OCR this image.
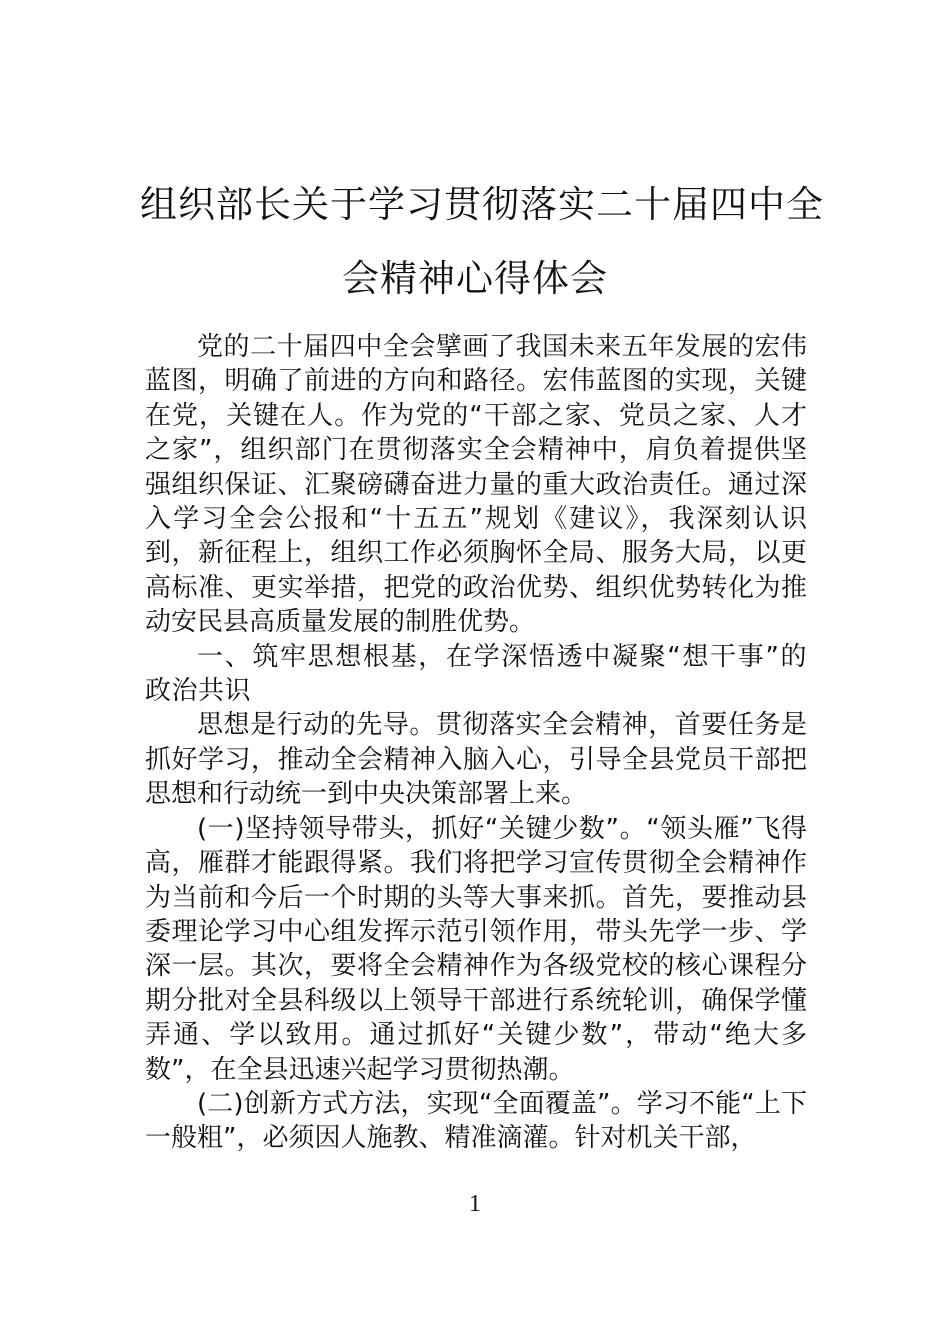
组织部长关于学习贯彻落实二十届四中全
会精神心得体会

党的二十届四中全会擘画了我国未来五年发展的宏伟蓝图，明确了前进的方向和路径。宏伟蓝图的实现，关键在党，关键在人。作为党的“干部之家、党员之家、人才之家”，组织部门在贯彻落实全会精神中，肩负着提供坚强组织保证、汇聚磅礴奋进力量的重大政治责任。通过深入学习全会公报和“十五五”规划《建议》，我深刻认识到，新征程上，组织工作必须胸怀全局、服务大局，以更高标准、更实举措，把党的政治优势、组织优势转化为推动安民县高质量发展的制胜优势。

一、筑牢思想根基，在学深悟透中凝聚“想干事”的政治共识

思想是行动的先导。贯彻落实全会精神，首要任务是抓好学习，推动全会精神入脑入心，引导全县党员干部把思想和行动统一到中央决策部署上来。

(一)坚持领导带头，抓好“关键少数”。“领头雁”飞得高，雁群才能跟得紧。我们将把学习宣传贯彻全会精神作为当前和今后一个时期的头等大事来抓。首先，要推动县委理论学习中心组发挥示范引领作用，带头先学一步、学深一层。其次，要将全会精神作为各级党校的核心课程分期分批对全县科级以上领导干部进行系统轮训，确保学懂弄通、学以致用。通过抓好“关键少数”，带动“绝大多数”，在全县迅速兴起学习贯彻热潮。

(二)创新方式方法，实现“全面覆盖”。学习不能“上下一般粗”，必须因人施教、精准滴灌。针对机关干部，

1
